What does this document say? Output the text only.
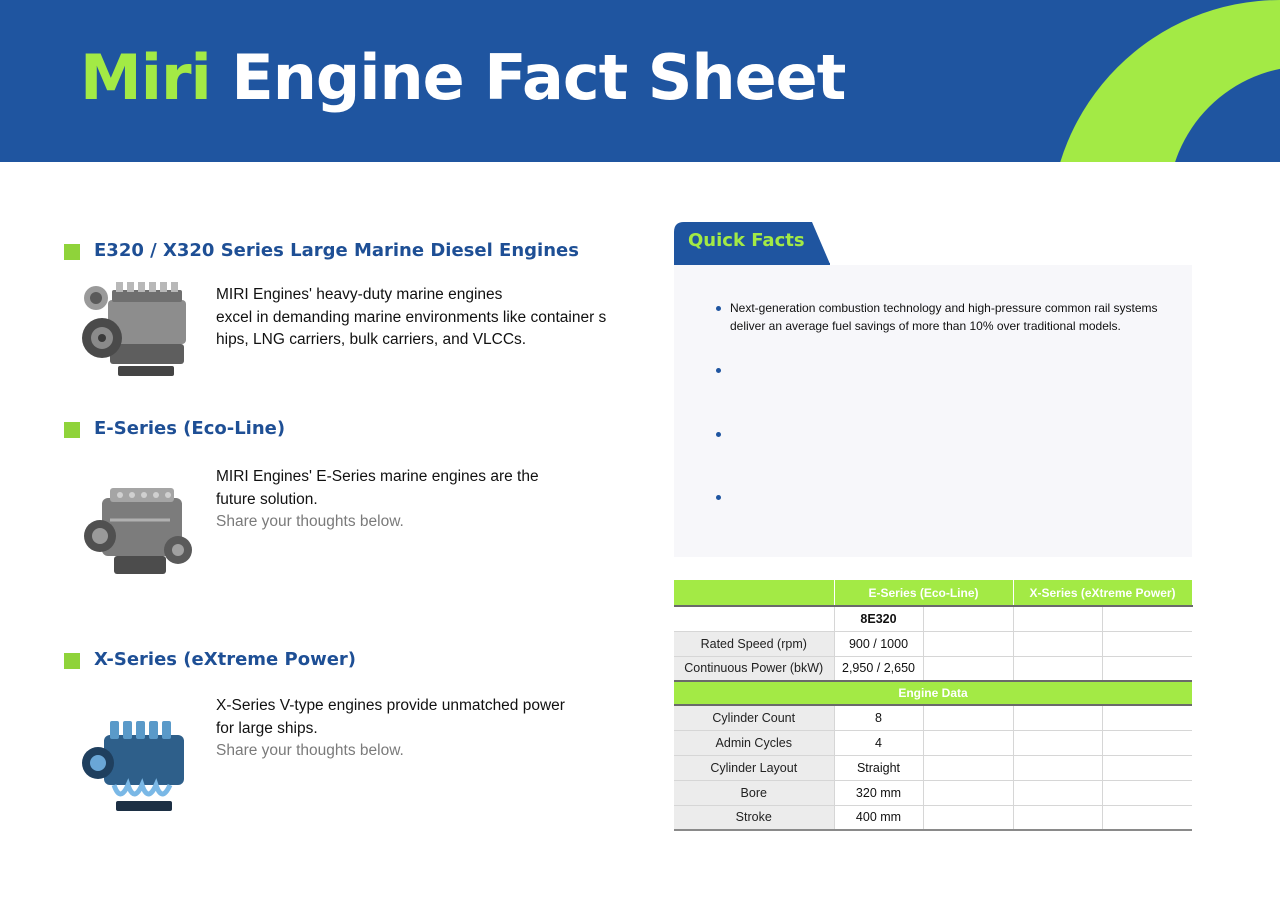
Miri Engine Fact Sheet
E320 / X320 Series Large Marine Diesel Engines
MIRI Engines' heavy-duty marine engines
excel in demanding marine environments like container s
hips, LNG carriers, bulk carriers, and VLCCs.
E-Series (Eco-Line)
MIRI Engines' E-Series marine engines are the
future solution.
Share your thoughts below.
X-Series (eXtreme Power)
X-Series V-type engines provide unmatched power
for large ships.
Share your thoughts below.
Quick Facts
Next-generation combustion technology and high-pressure common rail systems deliver an average fuel savings of more than 10% over traditional models.
	E-Series (Eco-Line)		X-Series (eXtreme Power)	
	8E320			
Rated Speed (rpm)	900 / 1000			
Continuous Power (bkW)	2,950 / 2,650			
Engine Data				
Cylinder Count	8			
Admin Cycles	4			
Cylinder Layout	Straight			
Bore	320 mm			
Stroke	400 mm			
